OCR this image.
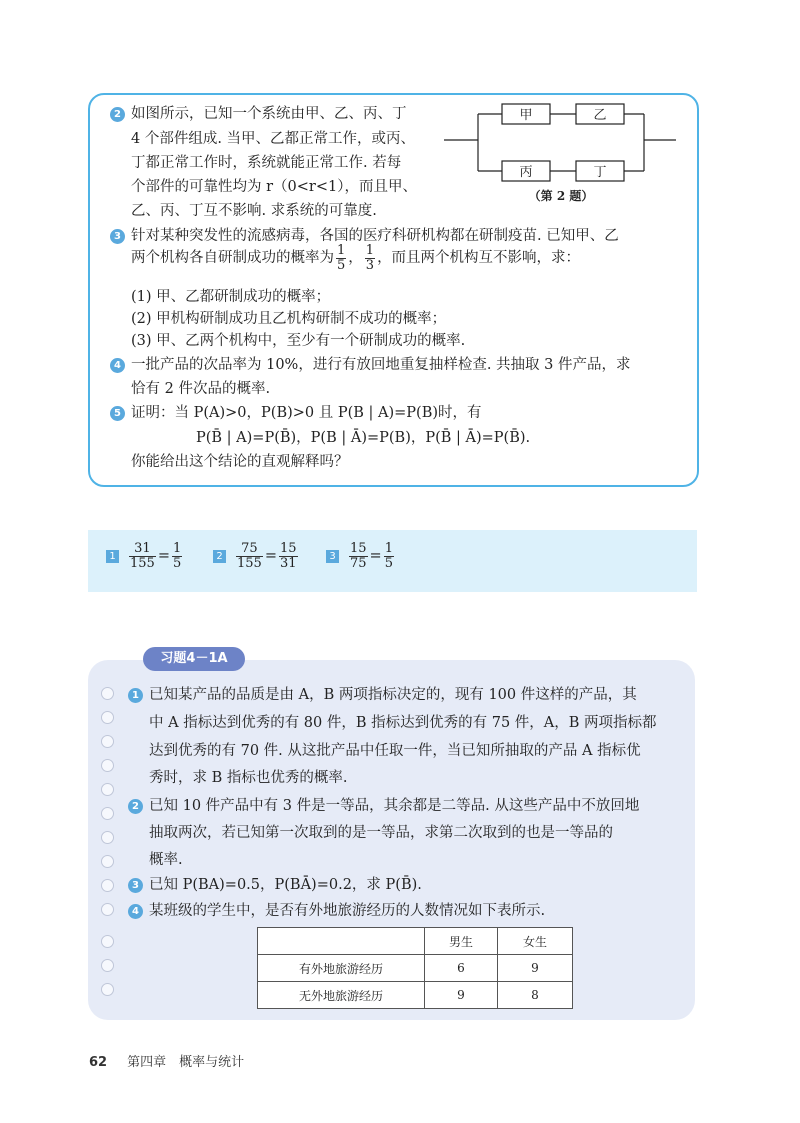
2 如图所示，已知一个系统由甲、乙、丙、丁
4 个部件组成. 当甲、乙都正常工作，或丙、
丁都正常工作时，系统就能正常工作. 若每
个部件的可靠性均为 r（0<r<1），而且甲、
乙、丙、丁互不影响. 求系统的可靠度.
甲	乙
丙	丁
（第 2 题）
3 针对某种突发性的流感病毒，各国的医疗科研机构都在研制疫苗. 已知甲、乙
两个机构各自研制成功的概率为 $\frac{1}{5}$ ， $\frac{1}{3}$ ，而且两个机构互不影响，求：
(1) 甲、乙都研制成功的概率；
(2) 甲机构研制成功且乙机构研制不成功的概率；
(3) 甲、乙两个机构中，至少有一个研制成功的概率.
4 一批产品的次品率为 10%，进行有放回地重复抽样检查. 共抽取 3 件产品，求
恰有 2 件次品的概率.
5 证明：当 P(A)>0，P(B)>0 且 P(B | A)=P(B)时，有
P(B̄ | A)=P(B̄)，P(B | Ā)=P(B)，P(B̄ | Ā)=P(B̄).
你能给出这个结论的直观解释吗？
$1 \frac{31}{155} = \frac{1}{5}$	$2 \frac{75}{155} = \frac{15}{31}$	$3 \frac{15}{75} = \frac{1}{5}$
习题4－1A
1 已知某产品的品质是由 A，B 两项指标决定的，现有 100 件这样的产品，其
中 A 指标达到优秀的有 80 件，B 指标达到优秀的有 75 件，A，B 两项指标都
达到优秀的有 70 件. 从这批产品中任取一件，当已知所抽取的产品 A 指标优
秀时，求 B 指标也优秀的概率.
2 已知 10 件产品中有 3 件是一等品，其余都是二等品. 从这些产品中不放回地
抽取两次，若已知第一次取到的是一等品，求第二次取到的也是一等品的
概率.
3 已知 P(BA)=0.5，P(BĀ)=0.2，求 P(B̄).
4 某班级的学生中，是否有外地旅游经历的人数情况如下表所示.
	男生	女生
有外地旅游经历	6	9
无外地旅游经历	9	8
62 第四章　概率与统计
